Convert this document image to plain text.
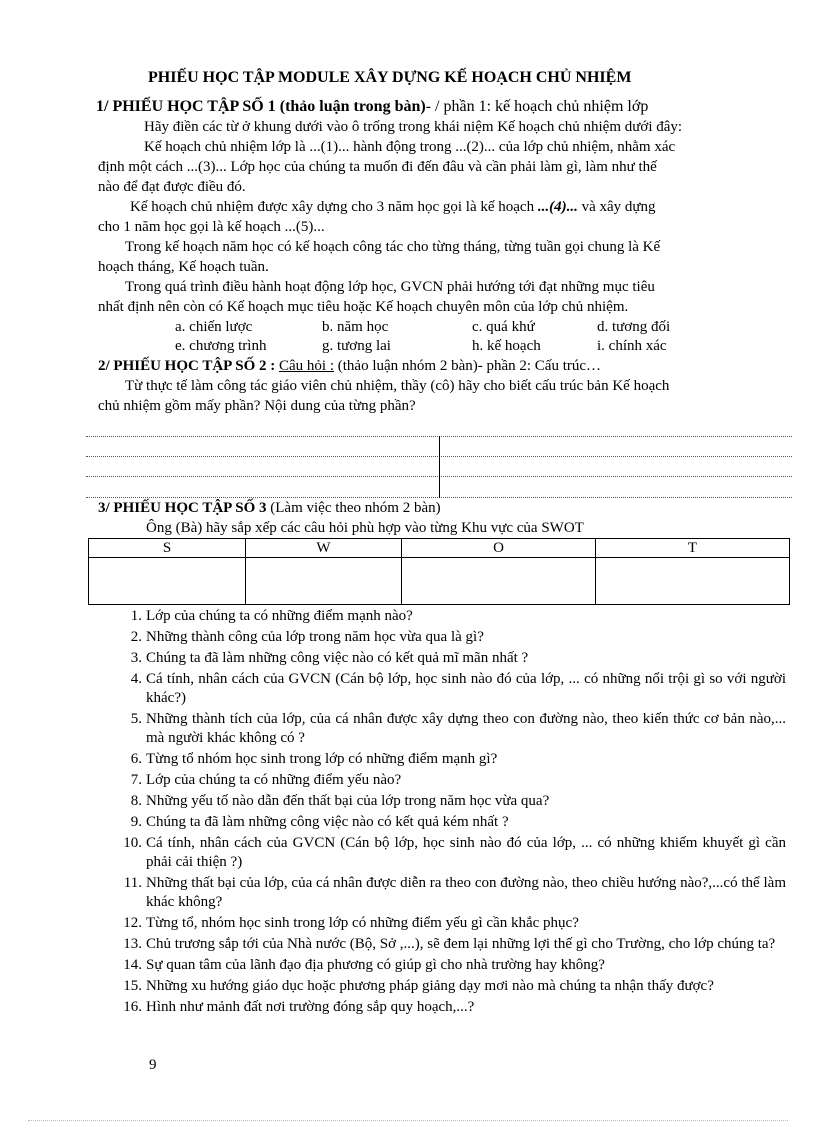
PHIẾU HỌC TẬP MODULE XÂY DỰNG KẾ HOẠCH CHỦ NHIỆM
1/ PHIẾU HỌC TẬP SỐ 1 (thảo luận trong bàn)- / phần 1: kế hoạch chủ nhiệm lớp
Hãy điền các từ ở khung dưới vào ô trống trong khái niệm Kế hoạch chủ nhiệm dưới đây:
Kế hoạch chủ nhiệm lớp là ...(1)... hành động trong ...(2)... của lớp chủ nhiệm, nhằm xác
định một cách ...(3)... Lớp học của chúng ta muốn đi đến đâu và cần phải làm gì, làm như thế
nào để đạt được điều đó.
Kế hoạch chủ nhiệm được xây dựng cho 3 năm học gọi là kế hoạch ...(4)... và xây dựng
cho 1 năm học gọi là kế hoạch ...(5)...
Trong kế hoạch năm học có kế hoạch công tác cho từng tháng, từng tuần gọi chung là Kế
hoạch tháng, Kế hoạch tuần.
Trong quá trình điều hành hoạt động lớp học, GVCN phải hướng tới đạt những mục tiêu
nhất định nên còn có Kế hoạch mục tiêu hoặc Kế hoạch chuyên môn của lớp chủ nhiệm.
a. chiến lược	b. năm học	c. quá khứ	d. tương đối
e. chương trình	g. tương lai	h. kế hoạch	i. chính xác
2/ PHIẾU HỌC TẬP SỐ 2 : Câu hỏi : (thảo luận nhóm 2 bàn)- phần 2: Cấu trúc…
Từ thực tế làm công tác giáo viên chủ nhiệm, thầy (cô) hãy cho biết cấu trúc bản Kế hoạch
chủ nhiệm gồm mấy phần? Nội dung của từng phần?
3/ PHIẾU HỌC TẬP SỐ 3 (Làm việc theo nhóm 2 bàn)
Ông (Bà) hãy sắp xếp các câu hỏi phù hợp vào từng Khu vực của SWOT
S	W	O	T

1. Lớp của chúng ta có những điểm mạnh nào?
2. Những thành công của lớp trong năm học vừa qua là gì?
3. Chúng ta đã làm những công việc nào có kết quả mĩ mãn nhất ?
4. Cá tính, nhân cách của GVCN (Cán bộ lớp, học sinh nào đó của lớp, ... có những nổi trội gì so với người khác?)
5. Những thành tích của lớp, của cá nhân được xây dựng theo con đường nào, theo kiến thức cơ bản nào,... mà người khác không có ?
6. Từng tổ nhóm học sinh trong lớp có những điểm mạnh gì?
7. Lớp của chúng ta có những điểm yếu nào?
8. Những yếu tố nào dẫn đến thất bại của lớp trong năm học vừa qua?
9. Chúng ta đã làm những công việc nào có kết quả kém nhất ?
10. Cá tính, nhân cách của GVCN (Cán bộ lớp, học sinh nào đó của lớp, ... có những khiếm khuyết gì cần phải cải thiện ?)
11. Những thất bại của lớp, của cá nhân được diễn ra theo con đường nào, theo chiều hướng nào?,...có thể làm khác không?
12. Từng tổ, nhóm học sinh trong lớp có những điểm yếu gì cần khắc phục?
13. Chủ trương sắp tới của Nhà nước (Bộ, Sở ,...), sẽ đem lại những lợi thế gì cho Trường, cho lớp chúng ta?
14. Sự quan tâm của lãnh đạo địa phương có giúp gì cho nhà trường hay không?
15. Những xu hướng giáo dục hoặc phương pháp giảng dạy mơi nào mà chúng ta nhận thấy được?
16. Hình như mảnh đất nơi trường đóng sắp quy hoạch,...?
9
